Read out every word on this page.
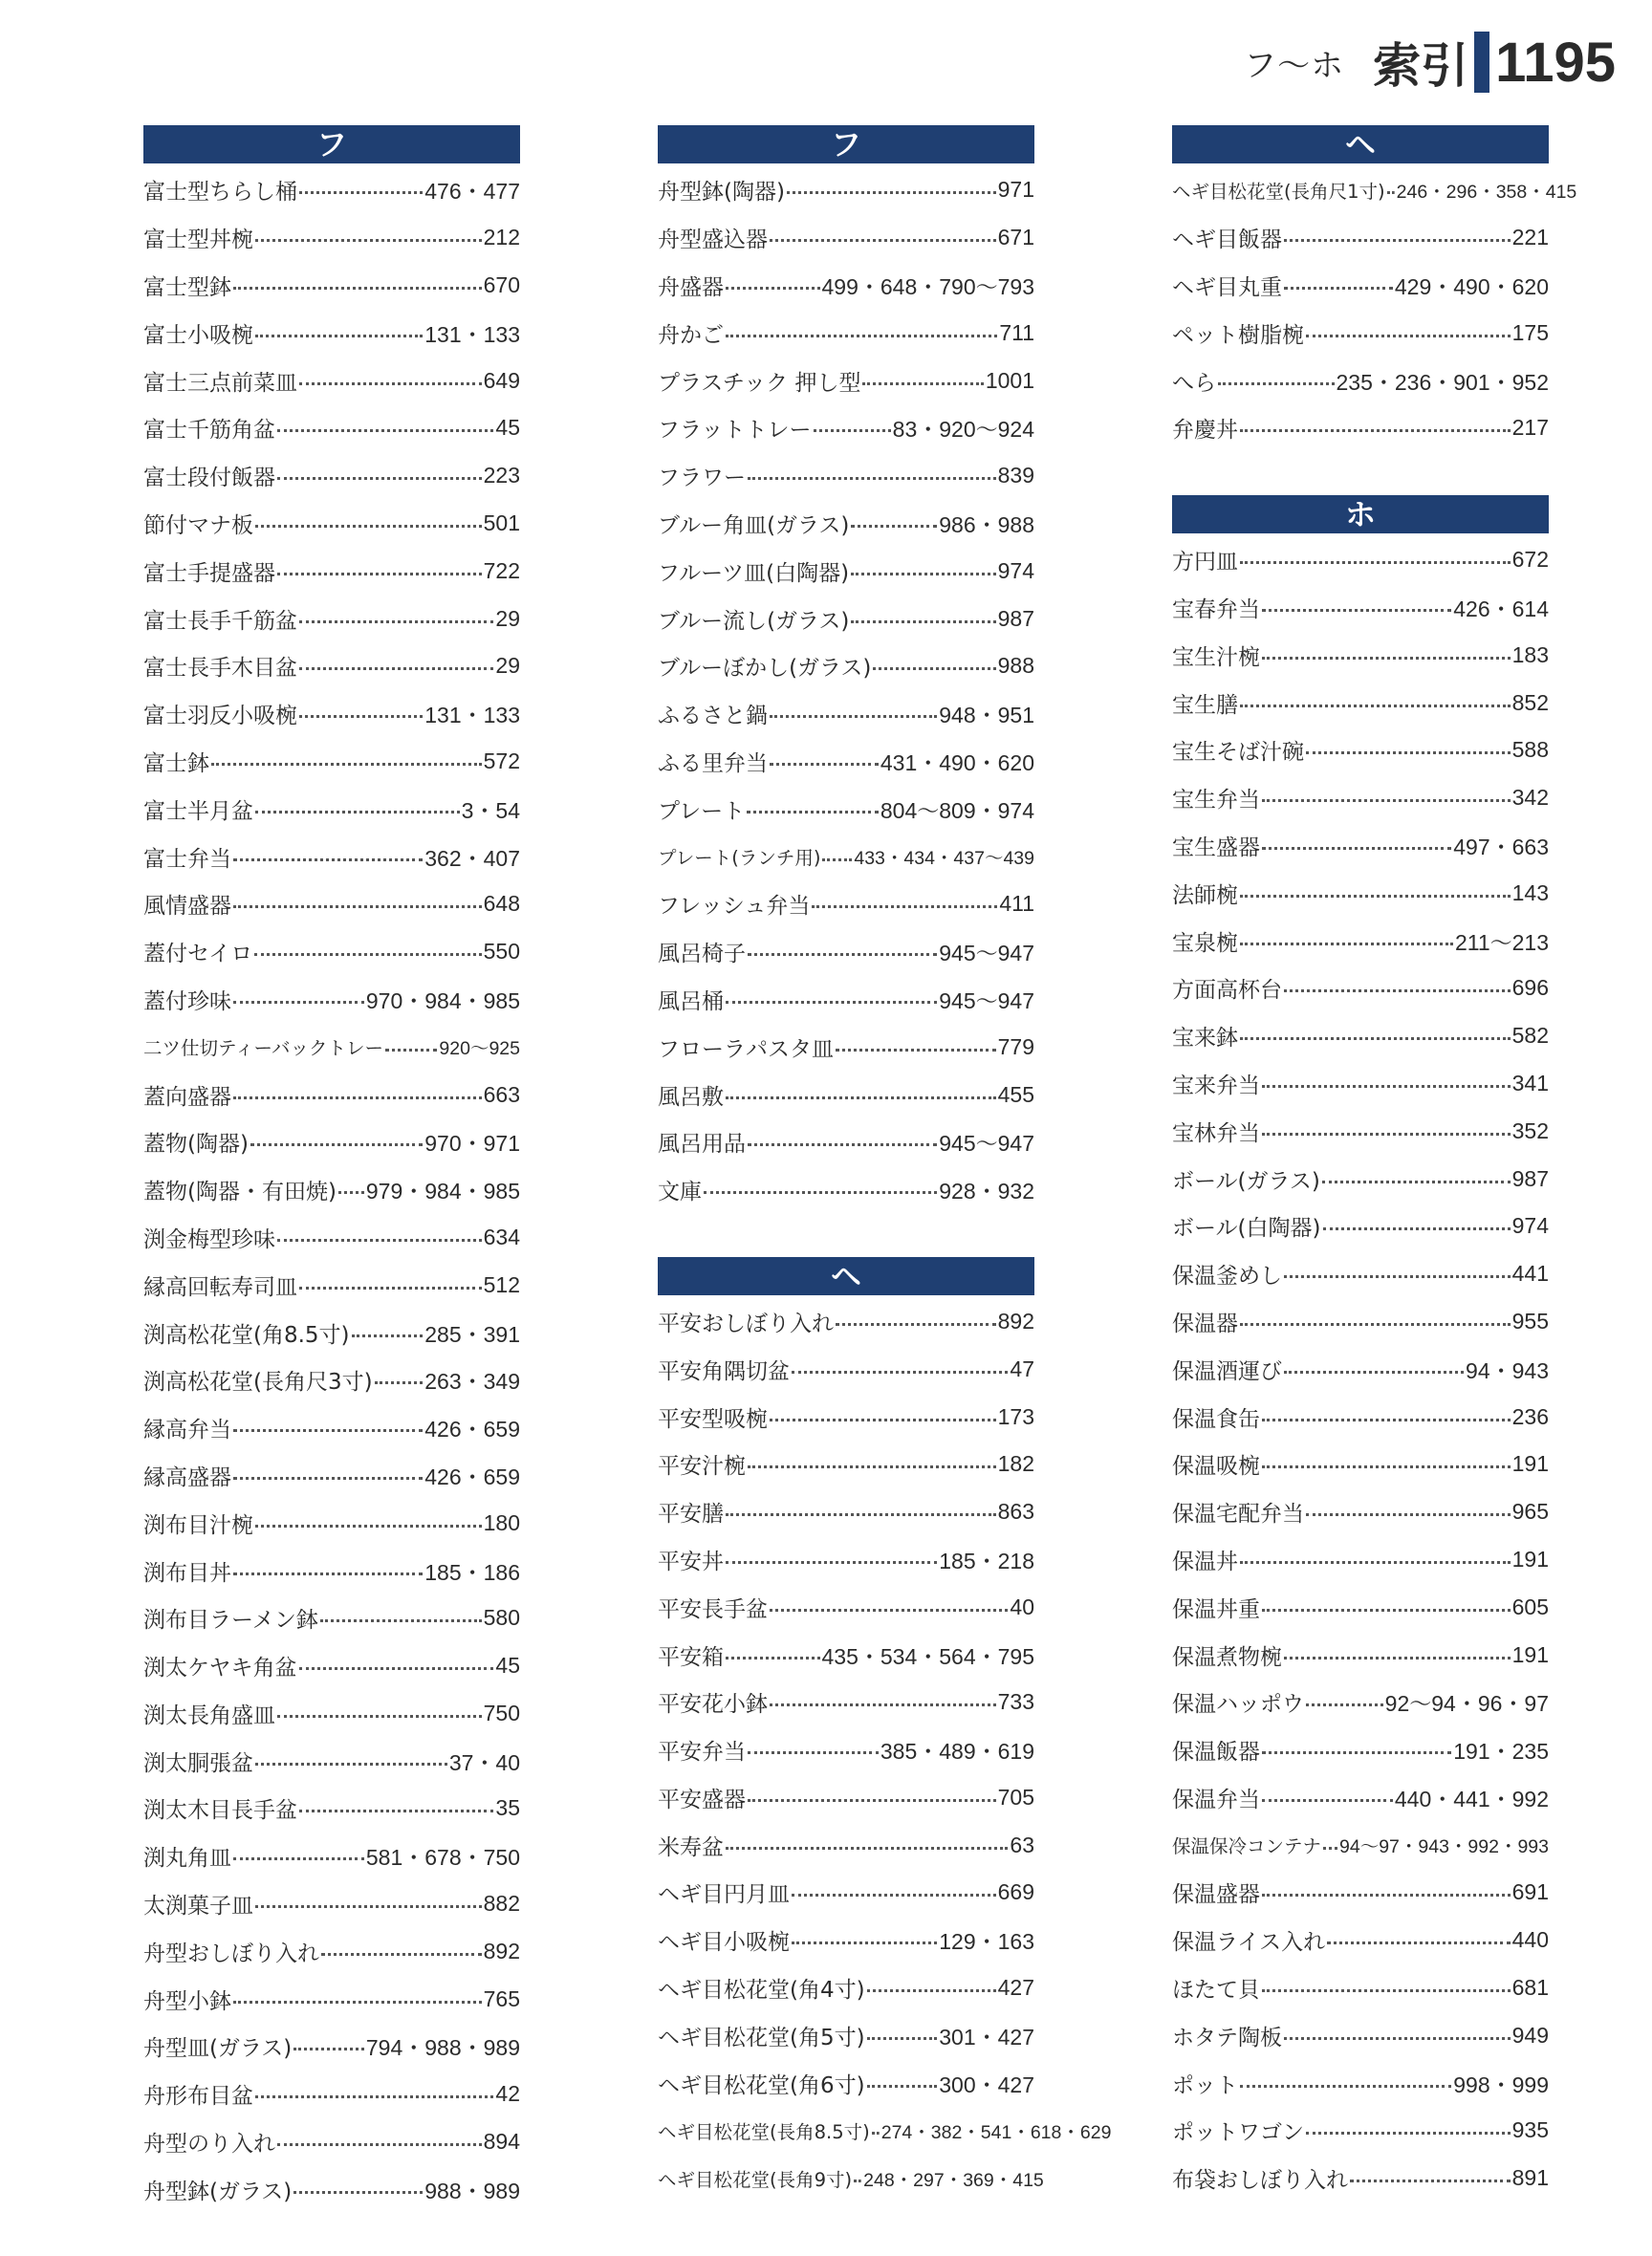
フ〜ホ 索引 1195
フ
富士型ちらし桶	476・477
富士型丼椀	212
富士型鉢	670
富士小吸椀	131・133
富士三点前菜皿	649
富士千筋角盆	45
富士段付飯器	223
節付マナ板	501
富士手提盛器	722
富士長手千筋盆	29
富士長手木目盆	29
富士羽反小吸椀	131・133
富士鉢	572
富士半月盆	3・54
富士弁当	362・407
風情盛器	648
蓋付セイロ	550
蓋付珍味	970・984・985
二ツ仕切ティーバックトレー	920〜925
蓋向盛器	663
蓋物(陶器)	970・971
蓋物(陶器・有田焼) 979・984・985
渕金梅型珍味	634
縁高回転寿司皿	512
渕高松花堂(角8.5寸)	285・391
渕高松花堂(長角尺3寸) 263・349
縁高弁当	426・659
縁高盛器	426・659
渕布目汁椀	180
渕布目丼	185・186
渕布目ラーメン鉢	580
渕太ケヤキ角盆	45
渕太長角盛皿	750
渕太胴張盆	37・40
渕太木目長手盆	35
渕丸角皿	581・678・750
太渕菓子皿	882
舟型おしぼり入れ	892
舟型小鉢	765
舟型皿(ガラス)	794・988・989
舟形布目盆	42
舟型のり入れ	894
舟型鉢(ガラス)	988・989
フ
舟型鉢(陶器)	971
舟型盛込器	671
舟盛器	499・648・790〜793
舟かご	711
プラスチック 押し型	1001
フラットトレー	83・920〜924
フラワー	839
ブルー角皿(ガラス)	986・988
フルーツ皿(白陶器)	974
ブルー流し(ガラス)	987
ブルーぼかし(ガラス)	988
ふるさと鍋	948・951
ふる里弁当	431・490・620
プレート	804〜809・974
プレート(ランチ用) 433・434・437〜439
フレッシュ弁当	411
風呂椅子	945〜947
風呂桶	945〜947
フローラパスタ皿	779
風呂敷	455
風呂用品	945〜947
文庫	928・932
ヘ
平安おしぼり入れ	892
平安角隅切盆	47
平安型吸椀	173
平安汁椀	182
平安膳	863
平安丼	185・218
平安長手盆	40
平安箱	435・534・564・795
平安花小鉢	733
平安弁当	385・489・619
平安盛器	705
米寿盆	63
ヘギ目円月皿	669
ヘギ目小吸椀	129・163
ヘギ目松花堂(角4寸)	427
ヘギ目松花堂(角5寸)	301・427
ヘギ目松花堂(角6寸)	300・427
ヘギ目松花堂(長角8.5寸) 274・382・541・618・629
ヘギ目松花堂(長角9寸) 248・297・369・415
ヘ
ヘギ目松花堂(長角尺1寸) 246・296・358・415
ヘギ目飯器	221
ヘギ目丸重	429・490・620
ペット樹脂椀	175
へら	235・236・901・952
弁慶丼	217
ホ
方円皿	672
宝春弁当	426・614
宝生汁椀	183
宝生膳	852
宝生そば汁碗	588
宝生弁当	342
宝生盛器	497・663
法師椀	143
宝泉椀	211〜213
方面高杯台	696
宝来鉢	582
宝来弁当	341
宝林弁当	352
ボール(ガラス)	987
ボール(白陶器)	974
保温釜めし	441
保温器	955
保温酒運び	94・943
保温食缶	236
保温吸椀	191
保温宅配弁当	965
保温丼	191
保温丼重	605
保温煮物椀	191
保温ハッポウ	92〜94・96・97
保温飯器	191・235
保温弁当	440・441・992
保温保冷コンテナ 94〜97・943・992・993
保温盛器	691
保温ライス入れ	440
ほたて貝	681
ホタテ陶板	949
ポット	998・999
ポットワゴン	935
布袋おしぼり入れ	891
